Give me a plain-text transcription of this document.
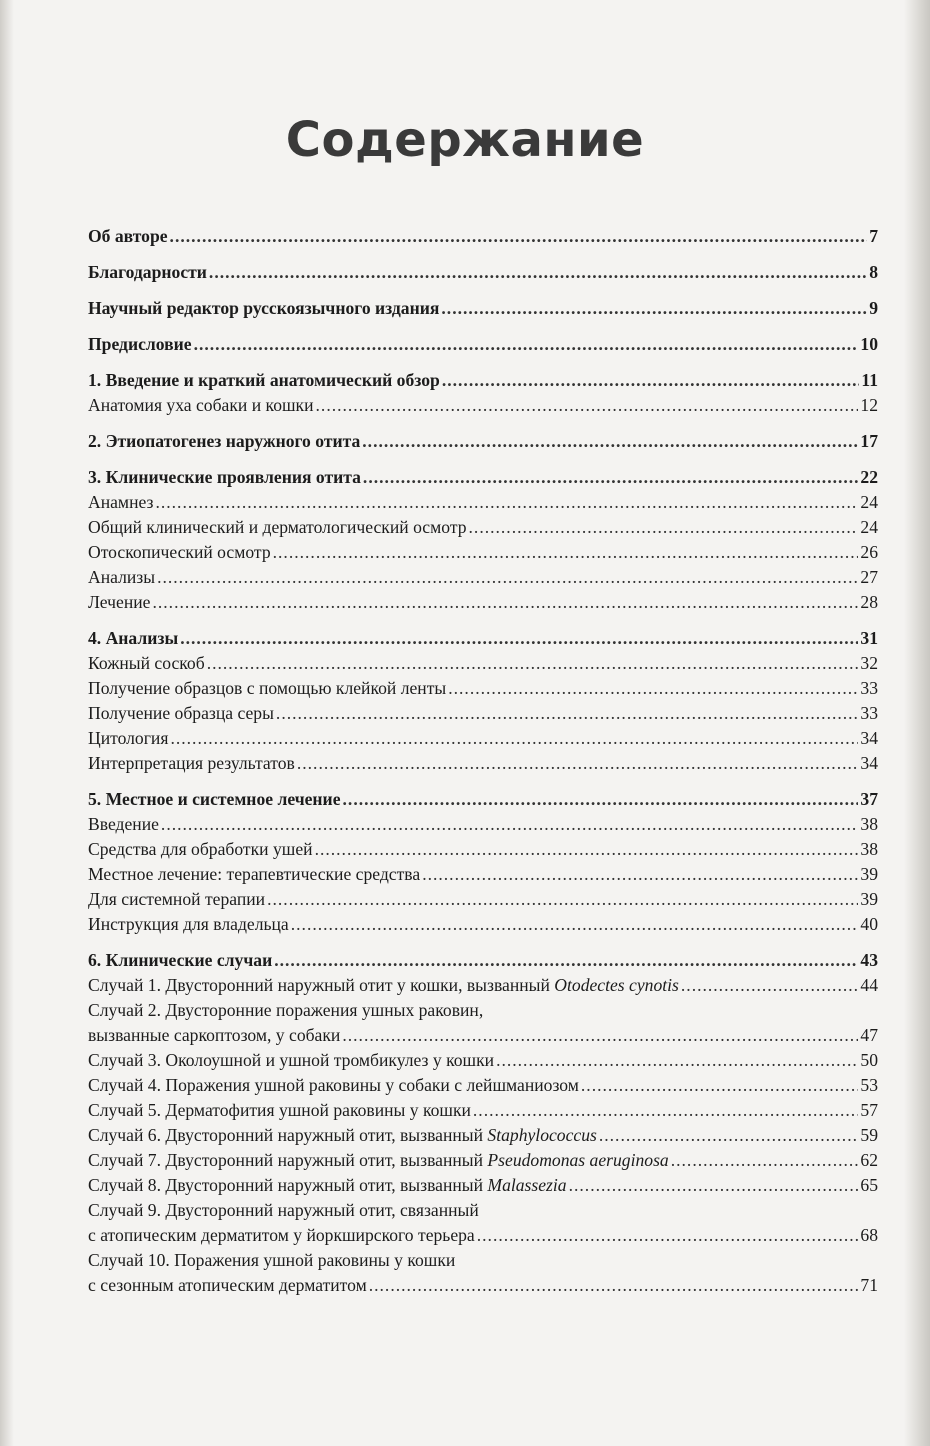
Содержание
Об авторе .....	7
Благодарности .....	8
Научный редактор русскоязычного издания .....	9
Предисловие .....	10
1. Введение и краткий анатомический обзор .....	11
Анатомия уха собаки и кошки .....	12
2. Этиопатогенез наружного отита .....	17
3. Клинические проявления отита .....	22
Анамнез .....	24
Общий клинический и дерматологический осмотр .....	24
Отоскопический осмотр .....	26
Анализы .....	27
Лечение .....	28
4. Анализы .....	31
Кожный соскоб .....	32
Получение образцов с помощью клейкой ленты .....	33
Получение образца серы .....	33
Цитология .....	34
Интерпретация результатов .....	34
5. Местное и системное лечение .....	37
Введение .....	38
Средства для обработки ушей .....	38
Местное лечение: терапевтические средства .....	39
Для системной терапии .....	39
Инструкция для владельца .....	40
6. Клинические случаи .....	43
Случай 1. Двусторонний наружный отит у кошки, вызванный Otodectes cynotis .....	44
Случай 2. Двусторонние поражения ушных раковин,
вызванные саркоптозом, у собаки .....	47
Случай 3. Околоушной и ушной тромбикулез у кошки .....	50
Случай 4. Поражения ушной раковины у собаки с лейшманиозом .....	53
Случай 5. Дерматофития ушной раковины у кошки .....	57
Случай 6. Двусторонний наружный отит, вызванный Staphylococcus .....	59
Случай 7. Двусторонний наружный отит, вызванный Pseudomonas aeruginosa .....	62
Случай 8. Двусторонний наружный отит, вызванный Malassezia .....	65
Случай 9. Двусторонний наружный отит, связанный
с атопическим дерматитом у йоркширского терьера .....	68
Случай 10. Поражения ушной раковины у кошки
с сезонным атопическим дерматитом .....	71
